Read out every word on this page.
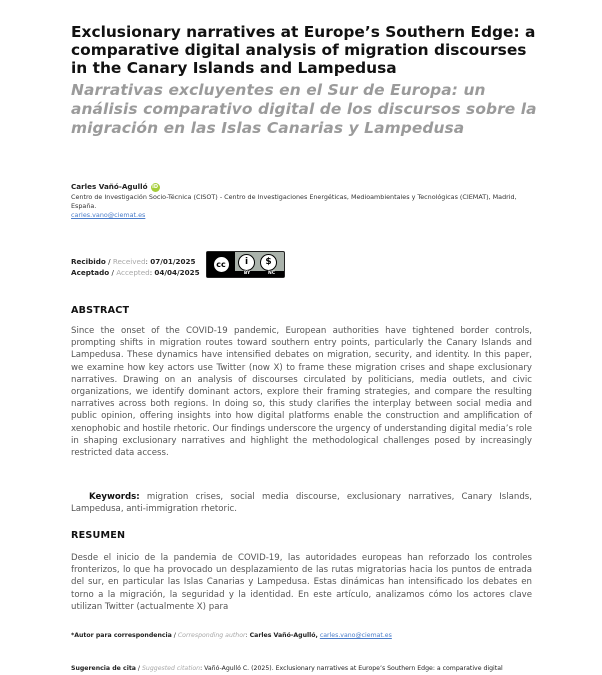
Exclusionary narratives at Europe’s Southern Edge: a comparative digital analysis of migration discourses in the Canary Islands and Lampedusa
Narrativas excluyentes en el Sur de Europa: un análisis comparativo digital de los discursos sobre la migración en las Islas Canarias y Lampedusa
Carles Vañó-Agulló iD
Centro de Investigación Socio-Técnica (CISOT) - Centro de Investigaciones Energéticas, Medioambientales y Tecnológicas (CIEMAT), Madrid, España.
carles.vano@ciemat.es
Recibido / Received: 07/01/2025
Aceptado / Accepted: 04/04/2025
cc	i	$
BY	NC
ABSTRACT

Since the onset of the COVID-19 pandemic, European authorities have tightened border controls, prompting shifts in migration routes toward southern entry points, particularly the Canary Islands and Lampedusa. These dynamics have intensified debates on migration, security, and identity. In this paper, we examine how key actors use Twitter (now X) to frame these migration crises and shape exclusionary narratives. Drawing on an analysis of discourses circulated by politicians, media outlets, and civic organizations, we identify dominant actors, explore their framing strategies, and compare the resulting narratives across both regions. In doing so, this study clarifies the interplay between social media and public opinion, offering insights into how digital platforms enable the construction and amplification of xenophobic and hostile rhetoric. Our findings underscore the urgency of understanding digital media’s role in shaping exclusionary narratives and highlight the methodological challenges posed by increasingly restricted data access.

Keywords: migration crises, social media discourse, exclusionary narratives, Canary Islands, Lampedusa, anti-immigration rhetoric.

RESUMEN

Desde el inicio de la pandemia de COVID-19, las autoridades europeas han reforzado los controles fronterizos, lo que ha provocado un desplazamiento de las rutas migratorias hacia los puntos de entrada del sur, en particular las Islas Canarias y Lampedusa. Estas dinámicas han intensificado los debates en torno a la migración, la seguridad y la identidad. En este artículo, analizamos cómo los actores clave utilizan Twitter (actualmente X) para

*Autor para correspondencia / Corresponding author: Carles Vañó-Agulló, carles.vano@ciemat.es
Sugerencia de cita / Suggested citation: Vañó-Agulló C. (2025). Exclusionary narratives at Europe’s Southern Edge: a comparative digital
